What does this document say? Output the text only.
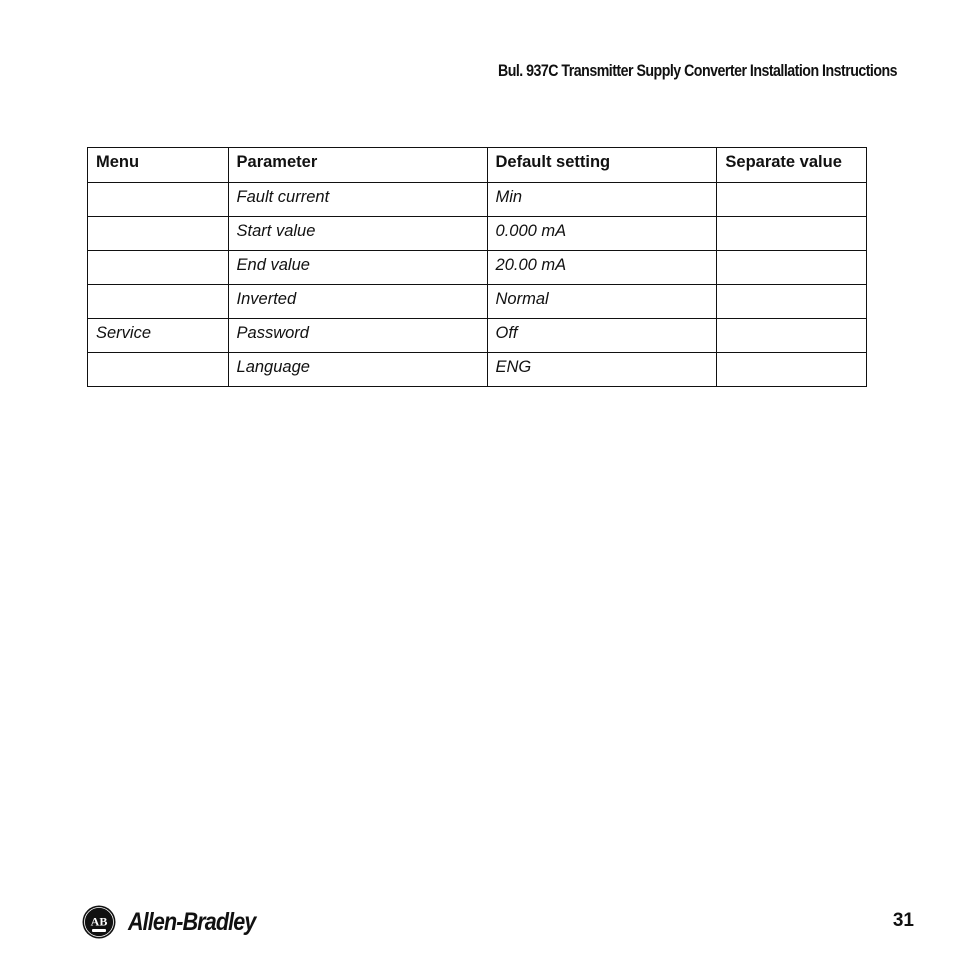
Bul. 937C Transmitter Supply Converter Installation Instructions
Menu	Parameter	Default setting	Separate value
	Fault current	Min	
	Start value	0.000 mA	
	End value	20.00 mA	
	Inverted	Normal	
Service	Password	Off	
	Language	ENG	
AB Allen-Bradley	31
